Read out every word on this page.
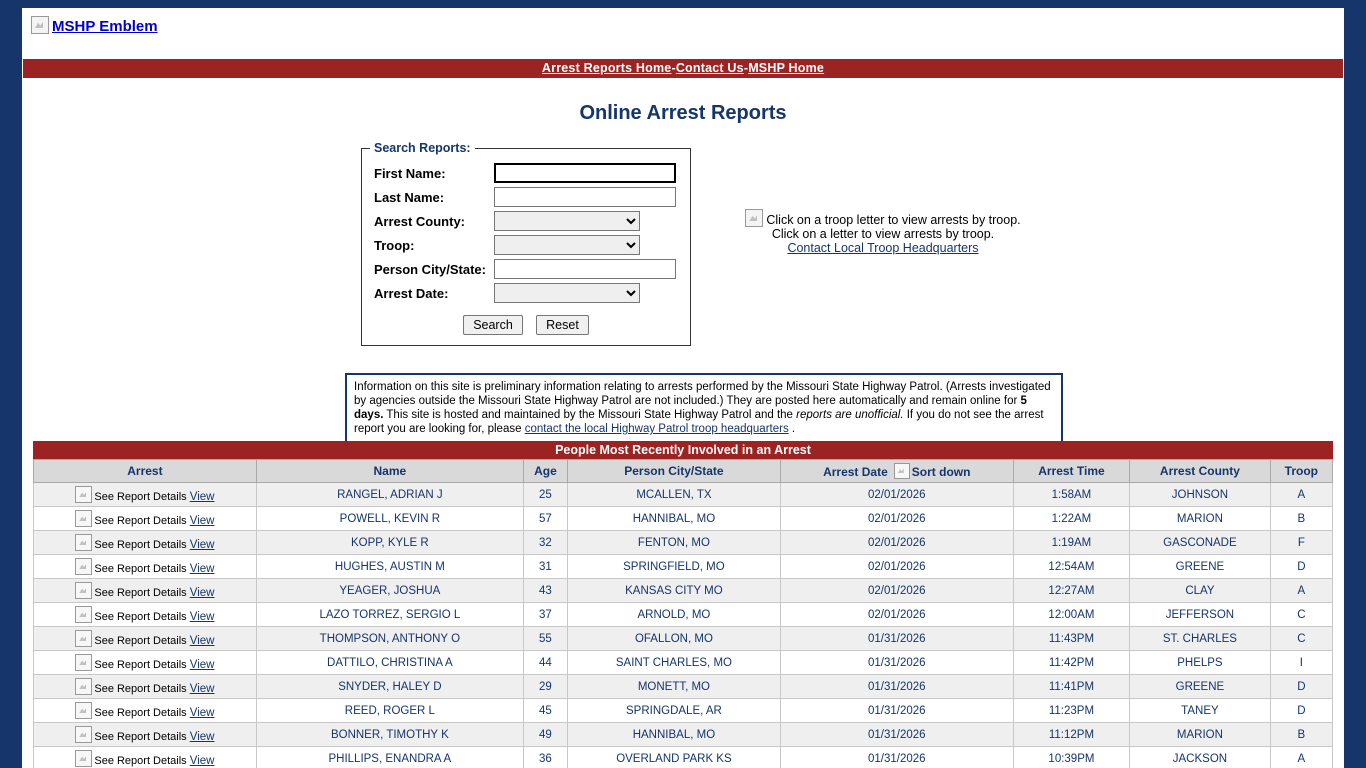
MSHP Emblem
Arrest Reports Home-Contact Us-MSHP Home
Online Arrest Reports
Search Reports:
First Name:	
Last Name:	
Arrest County:	

Troop:	

Person City/State:	
Arrest Date:	
Search	Reset
Click on a troop letter to view arrests by troop.
Click on a letter to view arrests by troop.
Contact Local Troop Headquarters
Information on this site is preliminary information relating to arrests performed by the Missouri State Highway Patrol. (Arrests investigated by agencies outside the Missouri State Highway Patrol are not included.) They are posted here automatically and remain online for 5 days. This site is hosted and maintained by the Missouri State Highway Patrol and the reports are unofficial. If you do not see the arrest report you are looking for, please contact the local Highway Patrol troop headquarters .
People Most Recently Involved in an Arrest
Arrest	Name	Age	Person City/State	Arrest Date Sort down	Arrest Time	Arrest County	Troop
See Report Details View	RANGEL, ADRIAN J	25	MCALLEN, TX	02/01/2026	1:58AM	JOHNSON	A
See Report Details View	POWELL, KEVIN R	57	HANNIBAL, MO	02/01/2026	1:22AM	MARION	B
See Report Details View	KOPP, KYLE R	32	FENTON, MO	02/01/2026	1:19AM	GASCONADE	F
See Report Details View	HUGHES, AUSTIN M	31	SPRINGFIELD, MO	02/01/2026	12:54AM	GREENE	D
See Report Details View	YEAGER, JOSHUA	43	KANSAS CITY MO	02/01/2026	12:27AM	CLAY	A
See Report Details View	LAZO TORREZ, SERGIO L	37	ARNOLD, MO	02/01/2026	12:00AM	JEFFERSON	C
See Report Details View	THOMPSON, ANTHONY O	55	OFALLON, MO	01/31/2026	11:43PM	ST. CHARLES	C
See Report Details View	DATTILO, CHRISTINA A	44	SAINT CHARLES, MO	01/31/2026	11:42PM	PHELPS	I
See Report Details View	SNYDER, HALEY D	29	MONETT, MO	01/31/2026	11:41PM	GREENE	D
See Report Details View	REED, ROGER L	45	SPRINGDALE, AR	01/31/2026	11:23PM	TANEY	D
See Report Details View	BONNER, TIMOTHY K	49	HANNIBAL, MO	01/31/2026	11:12PM	MARION	B
See Report Details View	PHILLIPS, ENANDRA A	36	OVERLAND PARK KS	01/31/2026	10:39PM	JACKSON	A
